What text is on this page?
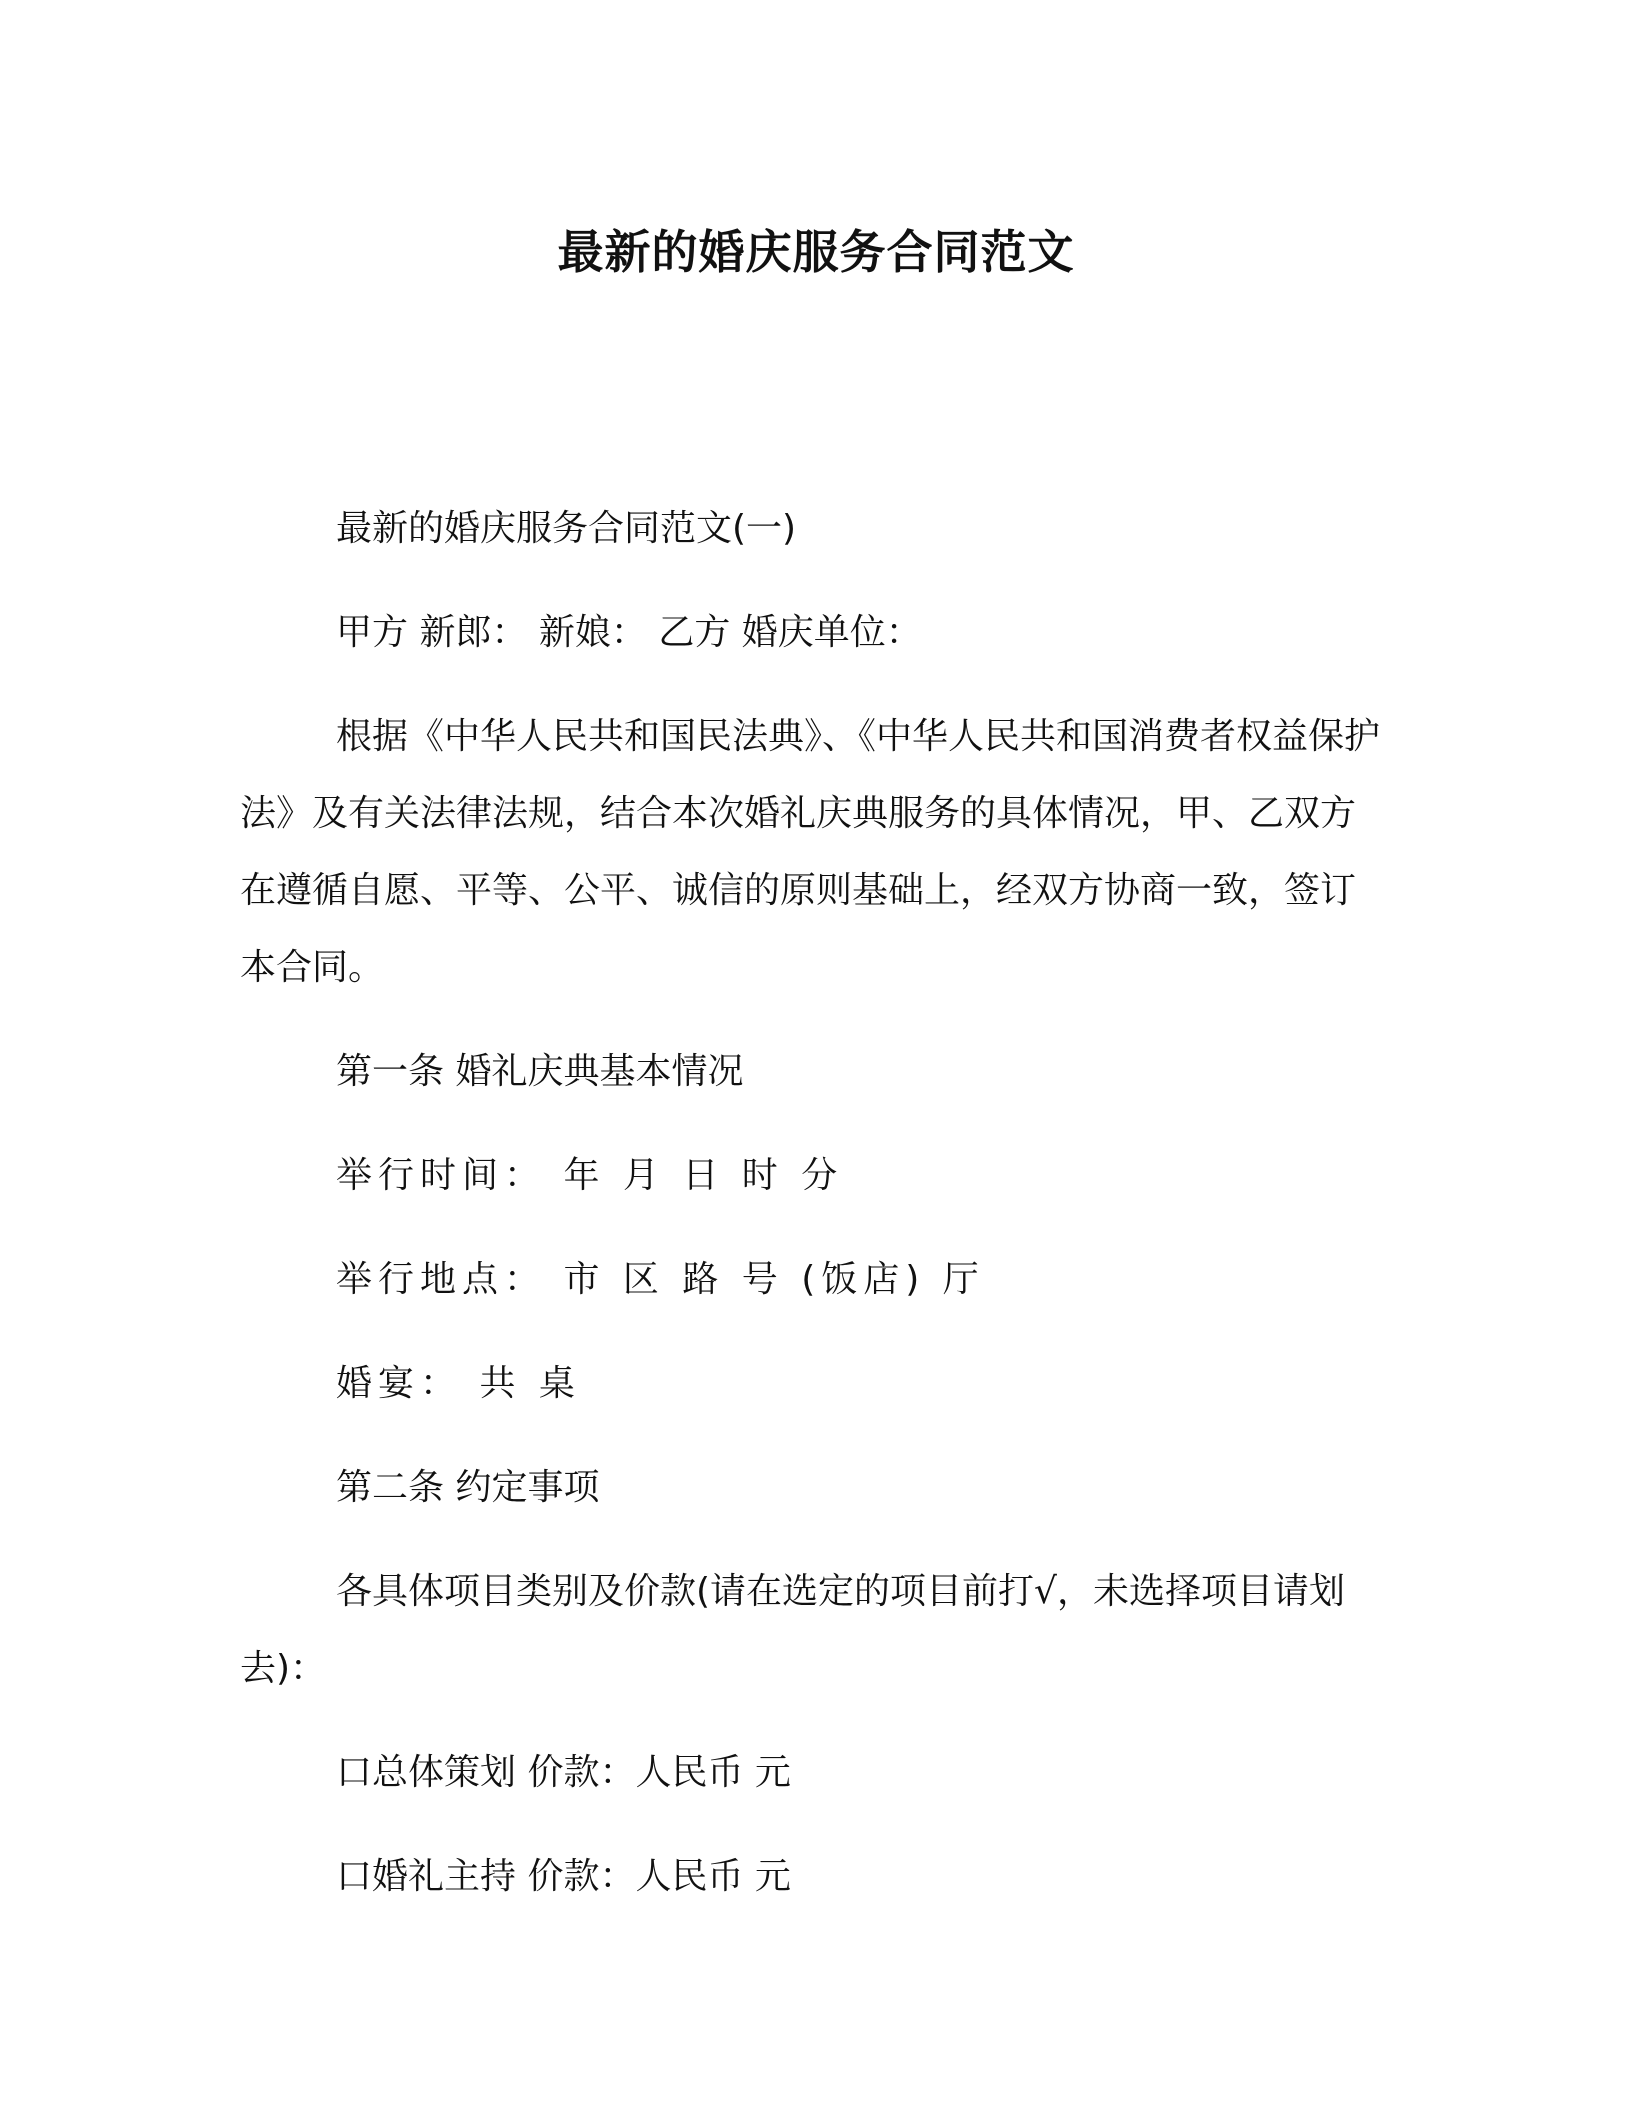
最新的婚庆服务合同范文

最新的婚庆服务合同范文(一)

甲方 新郎： 新娘： 乙方 婚庆单位：

根据《中华人民共和国民法典》、《中华人民共和国消费者权益保护法》及有关法律法规，结合本次婚礼庆典服务的具体情况，甲、乙双方在遵循自愿、平等、公平、诚信的原则基础上，经双方协商一致，签订本合同。

第一条 婚礼庆典基本情况

举行时间： 年 月 日 时 分

举行地点： 市 区 路 号 (饭店) 厅

婚宴： 共 桌

第二条 约定事项

各具体项目类别及价款(请在选定的项目前打√，未选择项目请划去)：

口总体策划 价款：人民币 元

口婚礼主持 价款：人民币 元
